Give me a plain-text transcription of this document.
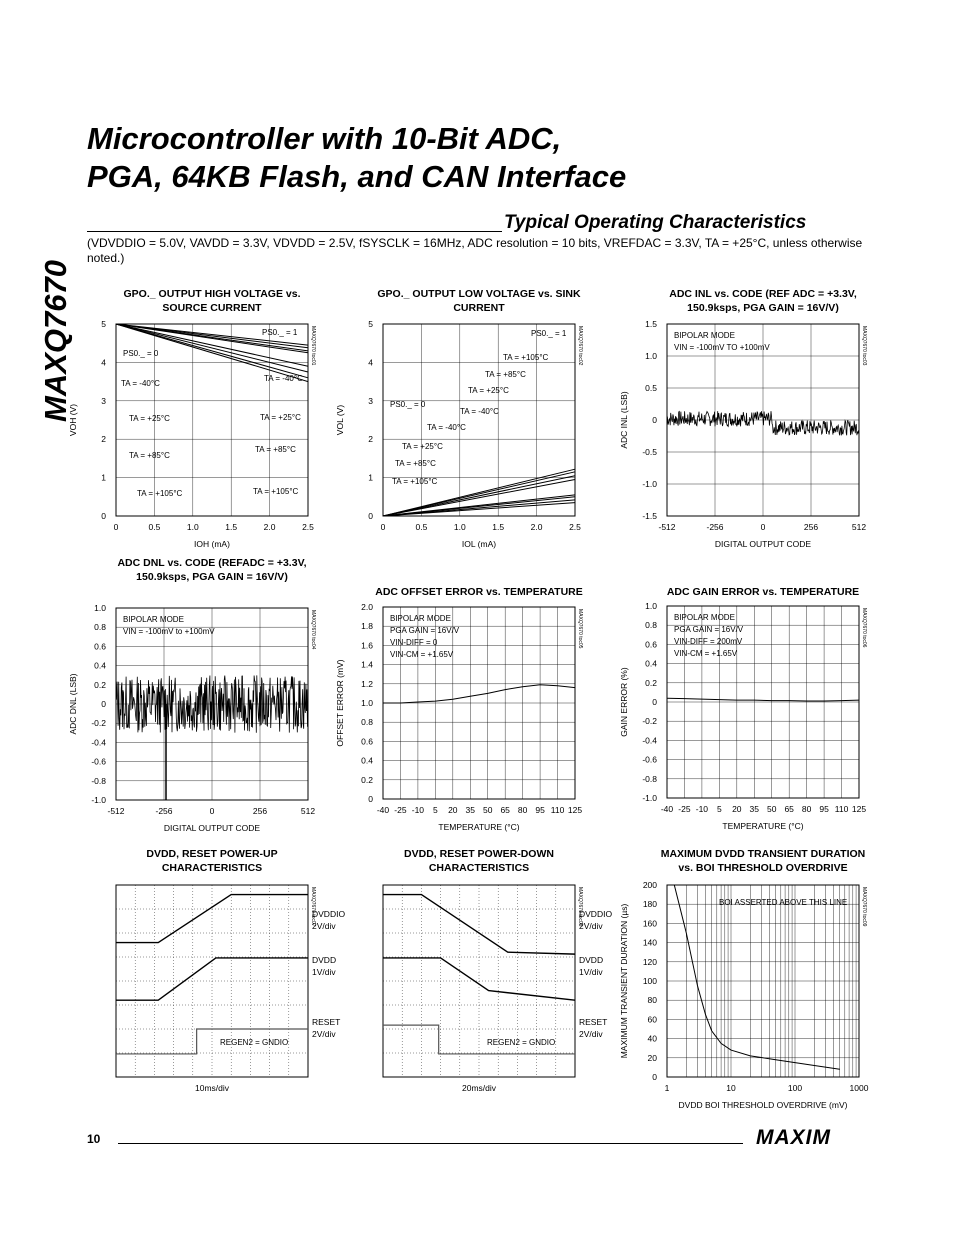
MAXQ7670
Microcontroller with 10-Bit ADC,
PGA, 64KB Flash, and CAN Interface
Typical Operating Characteristics
(VDVDDIO = 5.0V, VAVDD = 3.3V, VDVDD = 2.5V, fSYSCLK = 16MHz, ADC resolution = 10 bits, VREFDAC = 3.3V, TA = +25°C, unless otherwise noted.)
MAXQ7670 toc01
0	0.5	1.0	1.5	2.0	2.5
0
1
2
3
4
5
IOH (mA)
VOH (V)
PS0._ = 1
PS0._ = 0
TA = -40°C
TA = +25°C
TA = +85°C
TA = +105°C
TA = -40°C
TA = +25°C
TA = +85°C
TA = +105°C
MAXQ7670 toc02
0	0.5	1.0	1.5	2.0	2.5
0
1
2
3
4
5
IOL (mA)
VOL (V)	TA = -40°C
PS0._ = 1
TA = +105°C
TA = +85°C
TA = +25°C
PS0._ = 0
TA = -40°C
TA = +25°C
TA = +85°C
TA = +105°C
MAXQ7670 toc03
-512	-256	0	256	512
-1.5
-1.0
-0.5
0
0.5
1.0
1.5
DIGITAL OUTPUT CODE
ADC INL (LSB)
BIPOLAR MODE
VIN = -100mV TO +100mV
MAXQ7670 toc04
-512	-256	0	256	512
-1.0
-0.8
-0.6
-0.4
-0.2
0
0.2
0.4
0.6
0.8
1.0
DIGITAL OUTPUT CODE
ADC DNL (LSB)
BIPOLAR MODE
VIN = -100mV to +100mV	MAXQ7670 toc05
-40 -25 -10 5 20 35 50 65 80 95 110 125
0
0.2
0.4
0.6
0.8
1.0
1.2
1.4
1.6
1.8
2.0
TEMPERATURE (°C)
OFFSET ERROR (mV)
BIPOLAR MODE
PGA GAIN = 16V/V
VIN-DIFF = 0
VIN-CM = +1.65V
MAXQ7670 toc06
-40 -25 -10 5 20 35 50 65 80 95 110 125
-1.0
-0.8
-0.6
-0.4
-0.2
0
0.2
0.4
0.6
0.8
1.0
TEMPERATURE (°C)
GAIN ERROR (%)
BIPOLAR MODE
PGA GAIN = 16V/V
VIN-DIFF = 200mV
VIN-CM = +1.65V
MAXQ7670 toc07
DVDDIO
2V/div
DVDD
1V/div
RESET
2V/div
REGEN2 = GNDIO
10ms/div
MAXQ7670 toc08
DVDDIO
2V/div
DVDD
1V/div
RESET
2V/div
REGEN2 = GNDIO
20ms/div
MAXQ7670 toc09
1	10	100	1000
0
20
40
60
80
100
120
140
160
180
200
DVDD BOI THRESHOLD OVERDRIVE (mV)
MAXIMUM TRANSIENT DURATION (µs)
BOI ASSERTED ABOVE THIS LINE
GPO._ OUTPUT HIGH VOLTAGE vs. SOURCE CURRENT
GPO._ OUTPUT LOW VOLTAGE vs. SINK CURRENT
ADC INL vs. CODE (REF ADC = +3.3V, 150.9ksps, PGA GAIN = 16V/V)
ADC DNL vs. CODE (REFADC = +3.3V, 150.9ksps, PGA GAIN = 16V/V)
ADC OFFSET ERROR vs. TEMPERATURE	ADC GAIN ERROR vs. TEMPERATURE
DVDD, RESET POWER-UP CHARACTERISTICS
DVDD, RESET POWER-DOWN CHARACTERISTICS
MAXIMUM DVDD TRANSIENT DURATION vs. BOI THRESHOLD OVERDRIVE
10	MAXIM
